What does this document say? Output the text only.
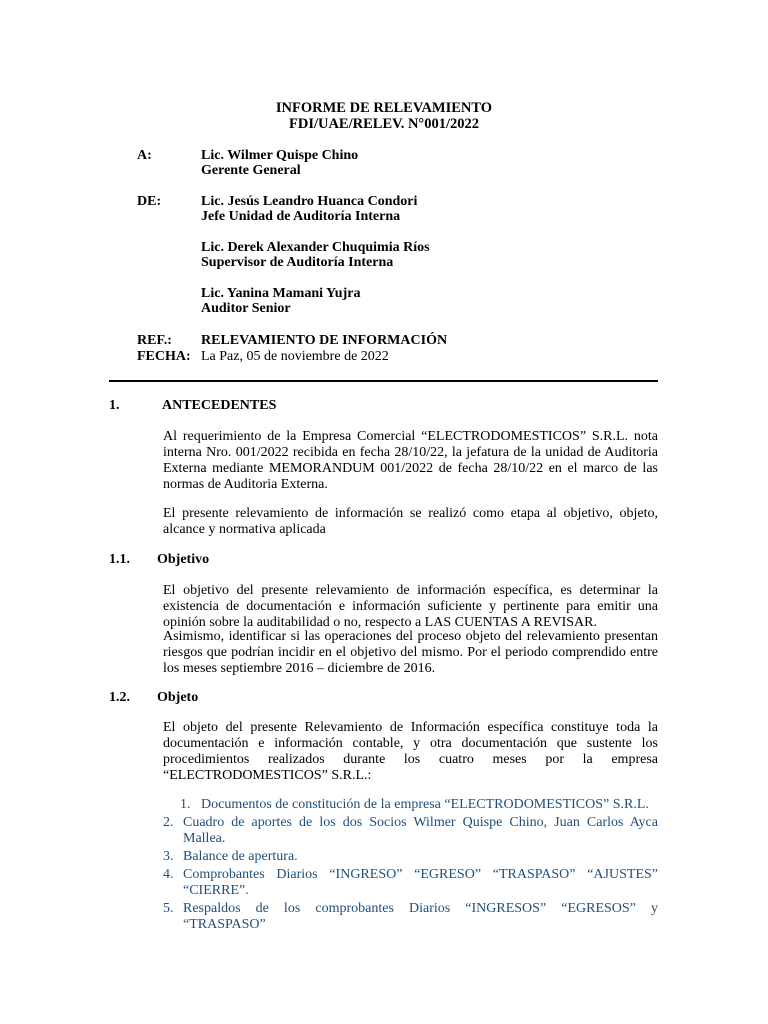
INFORME DE RELEVAMIENTO
FDI/UAE/RELEV. N°001/2022
A:	Lic. Wilmer Quispe Chino
Gerente General
DE:	Lic. Jesús Leandro Huanca Condori
Jefe Unidad de Auditoría Interna
Lic. Derek Alexander Chuquimia Ríos
Supervisor de Auditoría Interna
Lic. Yanina Mamani Yujra
Auditor Senior
REF.: RELEVAMIENTO DE INFORMACIÓN
FECHA: La Paz, 05 de noviembre de 2022
1.	ANTECEDENTES
Al requerimiento de la Empresa Comercial “ELECTRODOMESTICOS” S.R.L. nota interna Nro. 001/2022 recibida en fecha 28/10/22, la jefatura de la unidad de Auditoria Externa mediante MEMORANDUM 001/2022 de fecha 28/10/22 en el marco de las normas de Auditoria Externa.
El presente relevamiento de información se realizó como etapa al objetivo, objeto, alcance y normativa aplicada
1.1. Objetivo
El objetivo del presente relevamiento de información específica, es determinar la existencia de documentación e información suficiente y pertinente para emitir una opinión sobre la auditabilidad o no, respecto a LAS CUENTAS A REVISAR.
Asimismo, identificar si las operaciones del proceso objeto del relevamiento presentan riesgos que podrían incidir en el objetivo del mismo. Por el periodo comprendido entre los meses septiembre 2016 – diciembre de 2016.
1.2. Objeto
El objeto del presente Relevamiento de Información específica constituye toda la documentación e información contable, y otra documentación que sustente los procedimientos realizados durante los cuatro meses por la empresa “ELECTRODOMESTICOS” S.R.L.:
1. Documentos de constitución de la empresa “ELECTRODOMESTICOS” S.R.L.
2. Cuadro de aportes de los dos Socios Wilmer Quispe Chino, Juan Carlos Ayca Mallea.
3. Balance de apertura.
4. Comprobantes Diarios “INGRESO” “EGRESO” “TRASPASO” “AJUSTES” “CIERRE”.
5. Respaldos de los comprobantes Diarios “INGRESOS” “EGRESOS” y “TRASPASO”
